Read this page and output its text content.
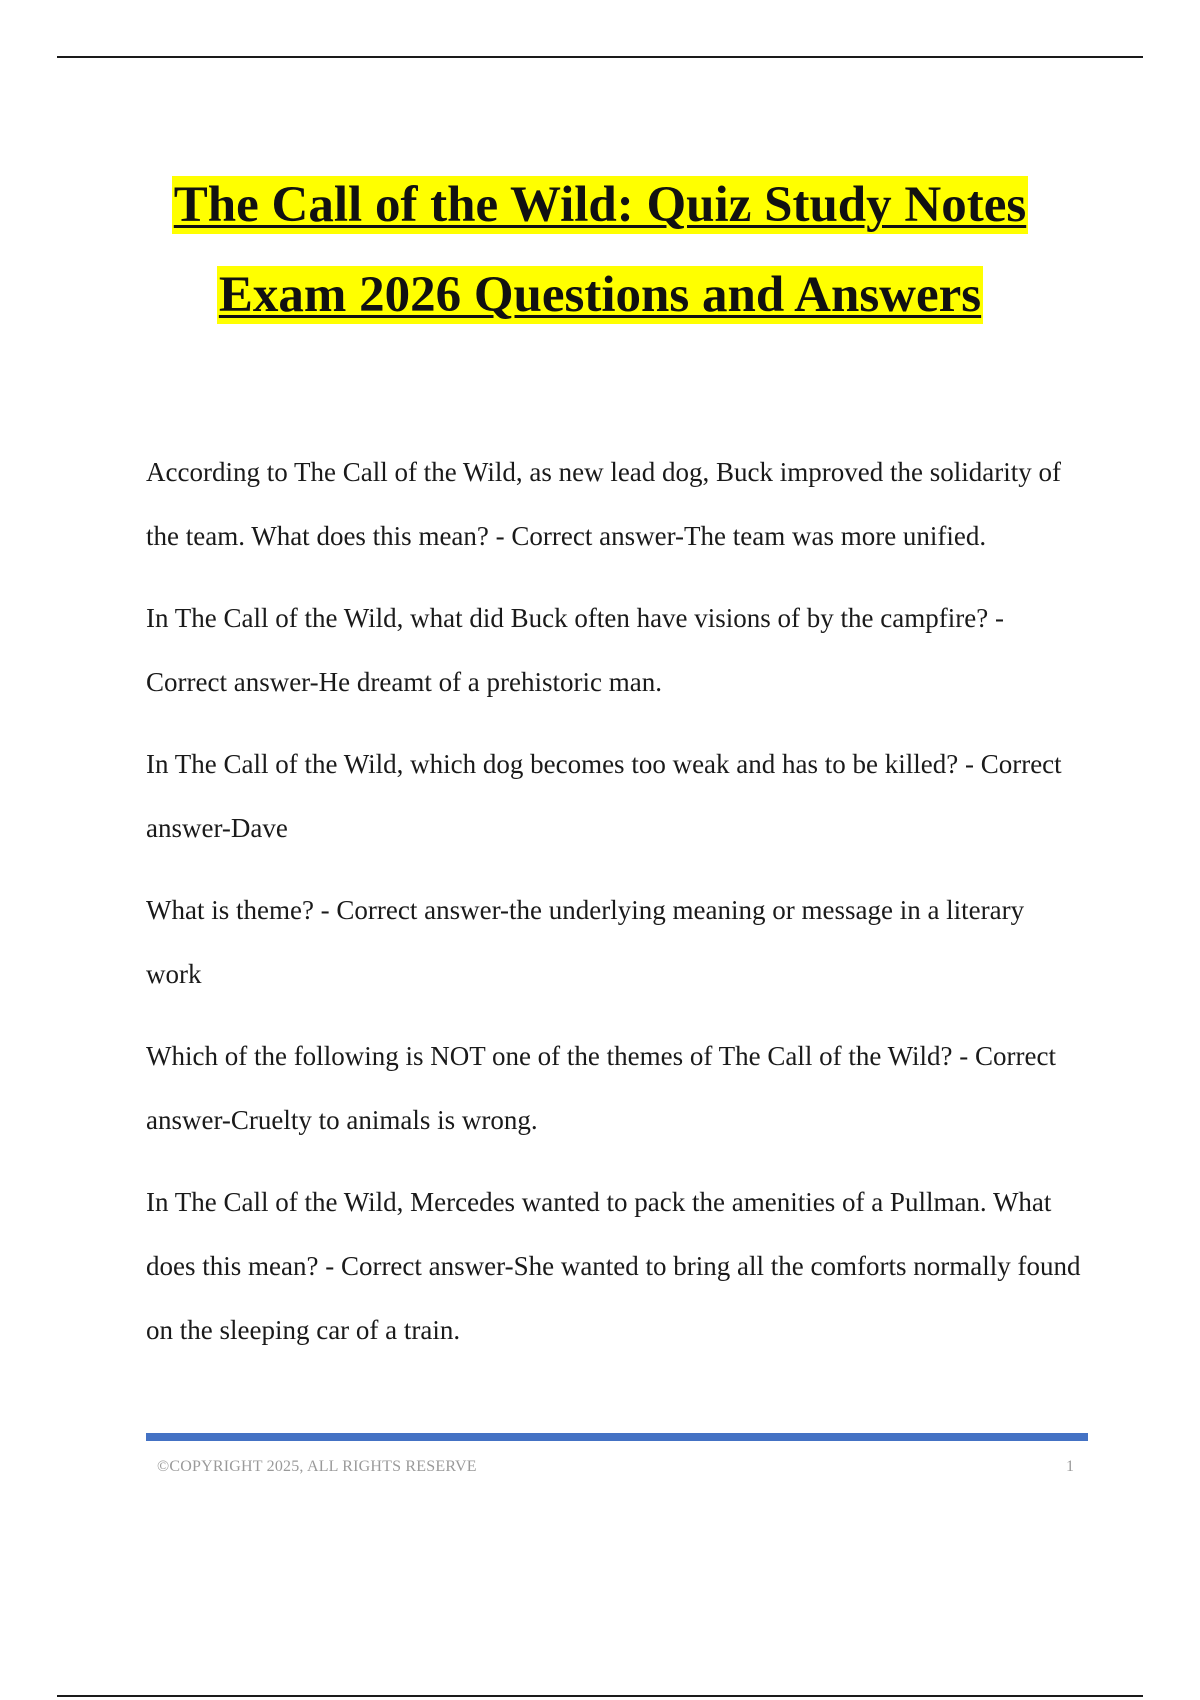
The Call of the Wild: Quiz Study Notes
Exam 2026 Questions and Answers

According to The Call of the Wild, as new lead dog, Buck improved the solidarity of the team. What does this mean? - Correct answer-The team was more unified.

In The Call of the Wild, what did Buck often have visions of by the campfire? - Correct answer-He dreamt of a prehistoric man.

In The Call of the Wild, which dog becomes too weak and has to be killed? - Correct answer-Dave

What is theme? - Correct answer-the underlying meaning or message in a literary work

Which of the following is NOT one of the themes of The Call of the Wild? - Correct answer-Cruelty to animals is wrong.

In The Call of the Wild, Mercedes wanted to pack the amenities of a Pullman. What does this mean? - Correct answer-She wanted to bring all the comforts normally found on the sleeping car of a train.

©COPYRIGHT 2025, ALL RIGHTS RESERVE	1
